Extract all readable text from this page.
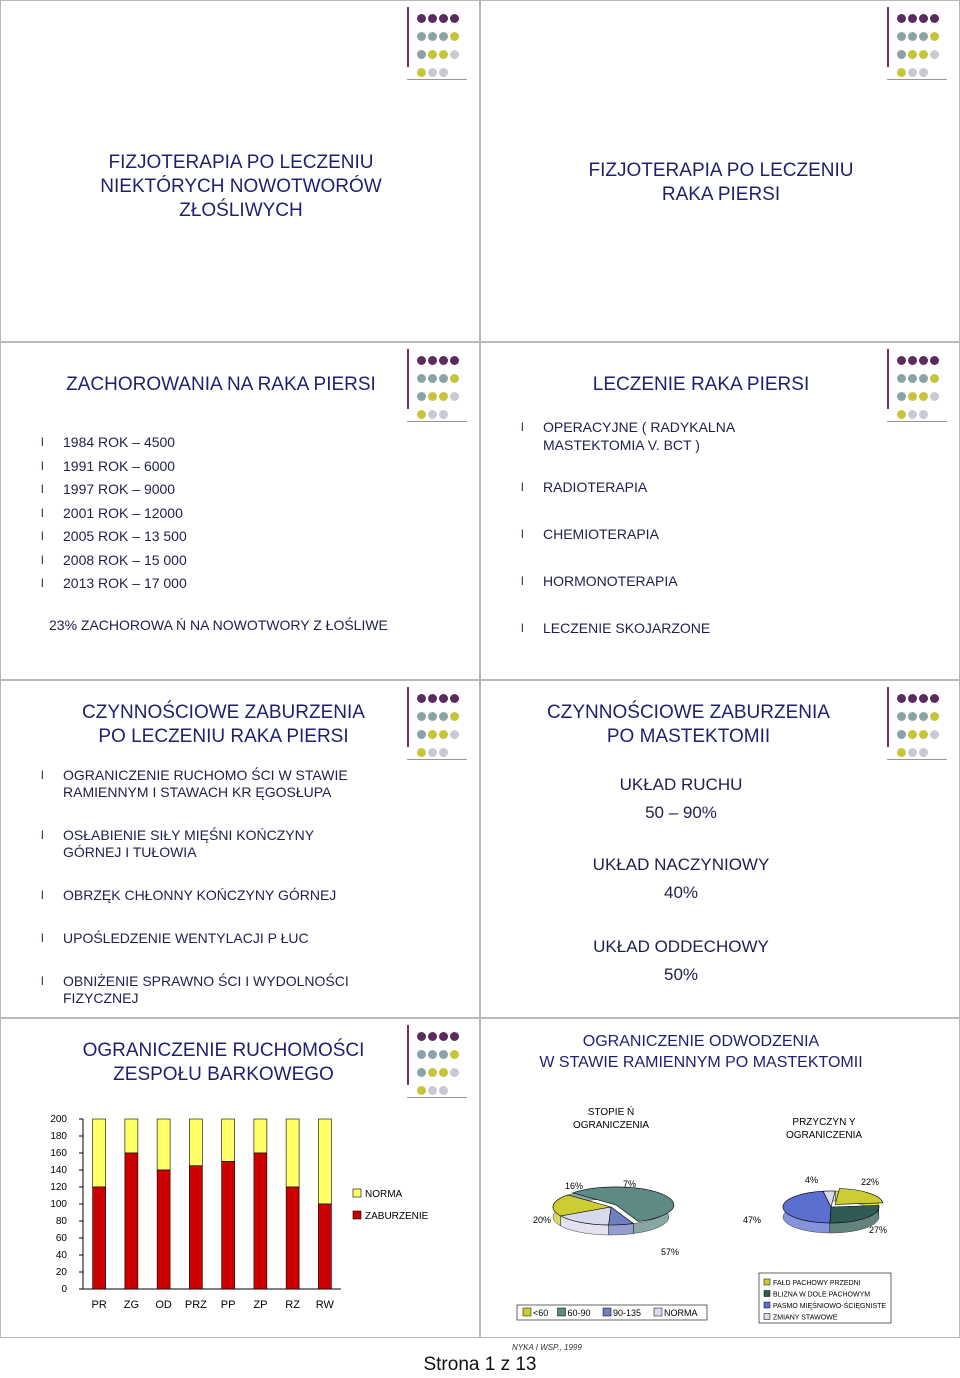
FIZJOTERAPIA PO LECZENIU
NIEKTÓRYCH NOWOTWORÓW
ZŁOŚLIWYCH

FIZJOTERAPIA PO LECZENIU
RAKA PIERSI

ZACHOROWANIA NA RAKA PIERSI
l 1984 ROK – 4500
l 1991 ROK – 6000
l 1997 ROK – 9000
l 2001 ROK – 12000
l 2005 ROK – 13 500
l 2008 ROK – 15 000
l 2013 ROK – 17 000
23% ZACHOROWA Ń NA NOWOTWORY Z ŁOŚLIWE

LECZENIE RAKA PIERSI
l OPERACYJNE ( RADYKALNA
MASTEKTOMIA V. BCT )
l RADIOTERAPIA
l CHEMIOTERAPIA
l HORMONOTERAPIA
l LECZENIE SKOJARZONE

CZYNNOŚCIOWE ZABURZENIA
PO LECZENIU RAKA PIERSI
l OGRANICZENIE RUCHOMO ŚCI W STAWIE
RAMIENNYM I STAWACH KR ĘGOSŁUPA
l OSŁABIENIE SIŁY MIĘŚNI KOŃCZYNY
GÓRNEJ I TUŁOWIA
l OBRZĘK CHŁONNY KOŃCZYNY GÓRNEJ
l UPOŚLEDZENIE WENTYLACJI P ŁUC
l OBNIŻENIE SPRAWNO ŚCI I WYDOLNOŚCI
FIZYCZNEJ

CZYNNOŚCIOWE ZABURZENIA
PO MASTEKTOMII
UKŁAD RUCHU
50 – 90%
UKŁAD NACZYNIOWY
40%
UKŁAD ODDECHOWY
50%

OGRANICZENIE RUCHOMOŚCI
ZESPOŁU BARKOWEGO
0
20
40
60
80
100
120
140
160
180
200
PR ZG OD PRZ PP ZP RZ RW
NORMA
ZABURZENIE
OGRANICZENIE ODWODZENIA
W STAWIE RAMIENNYM PO MASTEKTOMII
STOPIE Ń
OGRANICZENIA
20%
57%
7%
16%
<60 60-90 90-135	NORMA
PRZYCZYN Y
OGRANICZENIA
22%
27%
47%
4%
FAŁD PACHOWY PRZEDNI
BLIZNA W DOLE PACHOWYM
PASMO MIĘŚNIOWO-ŚCIĘGNISTE
ZMIANY STAWOWE
NYKA I WSP., 1999
Strona 1 z 13
